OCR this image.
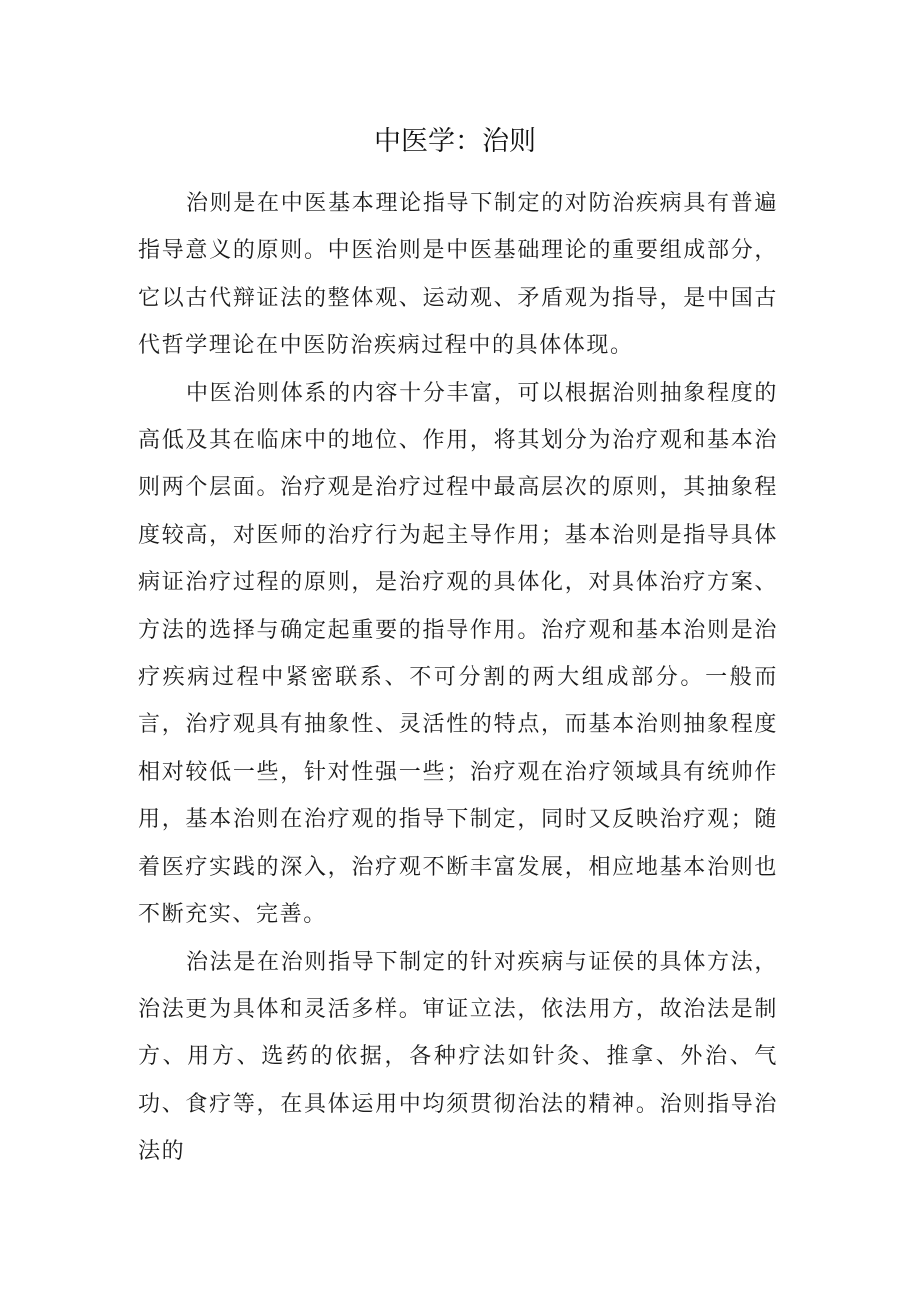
中医学：治则

治则是在中医基本理论指导下制定的对防治疾病具有普遍指导意义的原则。中医治则是中医基础理论的重要组成部分，它以古代辩证法的整体观、运动观、矛盾观为指导，是中国古代哲学理论在中医防治疾病过程中的具体体现。

中医治则体系的内容十分丰富，可以根据治则抽象程度的高低及其在临床中的地位、作用，将其划分为治疗观和基本治则两个层面。治疗观是治疗过程中最高层次的原则，其抽象程度较高，对医师的治疗行为起主导作用；基本治则是指导具体病证治疗过程的原则，是治疗观的具体化，对具体治疗方案、方法的选择与确定起重要的指导作用。治疗观和基本治则是治疗疾病过程中紧密联系、不可分割的两大组成部分。一般而言，治疗观具有抽象性、灵活性的特点，而基本治则抽象程度相对较低一些，针对性强一些；治疗观在治疗领域具有统帅作用，基本治则在治疗观的指导下制定，同时又反映治疗观；随着医疗实践的深入，治疗观不断丰富发展，相应地基本治则也不断充实、完善。

治法是在治则指导下制定的针对疾病与证侯的具体方法，治法更为具体和灵活多样。审证立法，依法用方，故治法是制方、用方、选药的依据，各种疗法如针灸、推拿、外治、气功、食疗等，在具体运用中均须贯彻治法的精神。治则指导治法的
